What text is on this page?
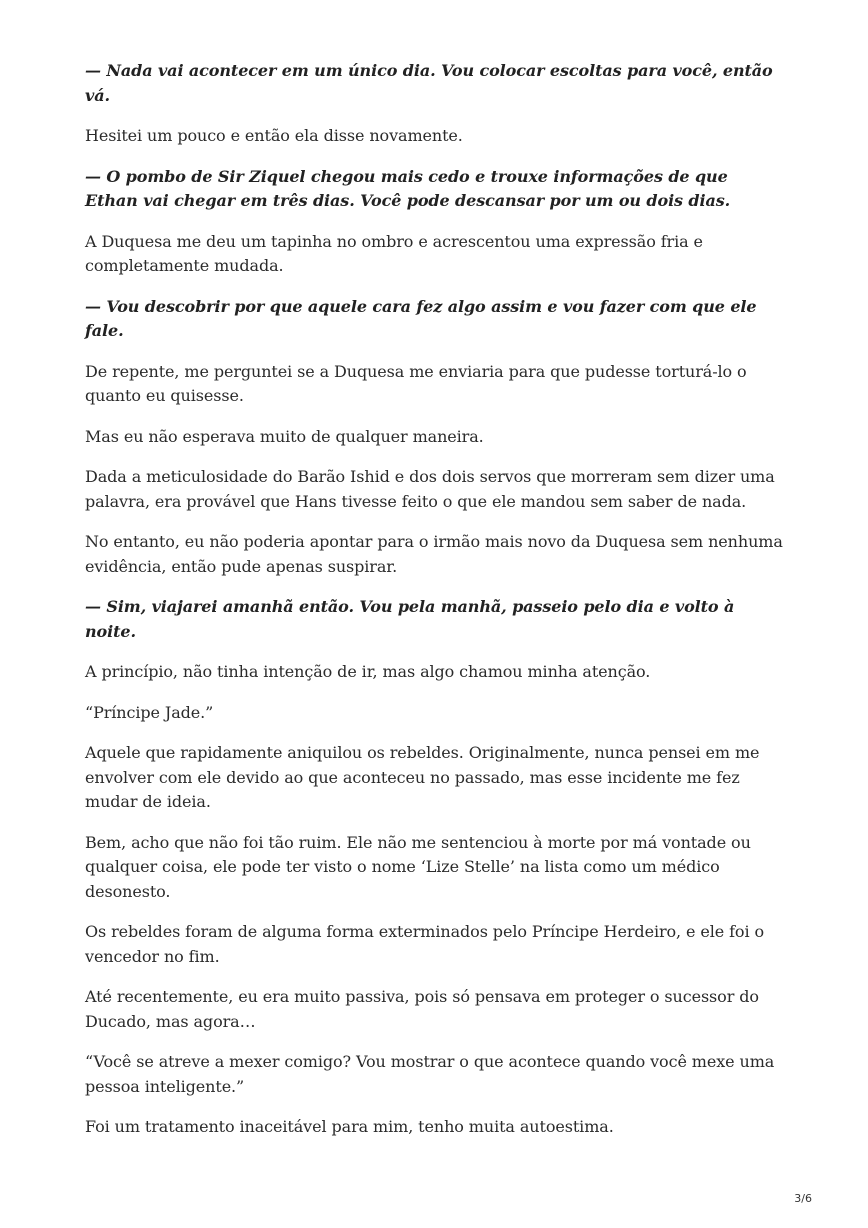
— Nada vai acontecer em um único dia. Vou colocar escoltas para você, então vá.

Hesitei um pouco e então ela disse novamente.

— O pombo de Sir Ziquel chegou mais cedo e trouxe informações de que Ethan vai chegar em três dias. Você pode descansar por um ou dois dias.

A Duquesa me deu um tapinha no ombro e acrescentou uma expressão fria e completamente mudada.

— Vou descobrir por que aquele cara fez algo assim e vou fazer com que ele fale.

De repente, me perguntei se a Duquesa me enviaria para que pudesse torturá-lo o quanto eu quisesse.

Mas eu não esperava muito de qualquer maneira.

Dada a meticulosidade do Barão Ishid e dos dois servos que morreram sem dizer uma palavra, era provável que Hans tivesse feito o que ele mandou sem saber de nada.

No entanto, eu não poderia apontar para o irmão mais novo da Duquesa sem nenhuma evidência, então pude apenas suspirar.

— Sim, viajarei amanhã então. Vou pela manhã, passeio pelo dia e volto à noite.

A princípio, não tinha intenção de ir, mas algo chamou minha atenção.

“Príncipe Jade.”

Aquele que rapidamente aniquilou os rebeldes. Originalmente, nunca pensei em me envolver com ele devido ao que aconteceu no passado, mas esse incidente me fez mudar de ideia.

Bem, acho que não foi tão ruim. Ele não me sentenciou à morte por má vontade ou qualquer coisa, ele pode ter visto o nome ‘Lize Stelle’ na lista como um médico desonesto.

Os rebeldes foram de alguma forma exterminados pelo Príncipe Herdeiro, e ele foi o vencedor no fim.

Até recentemente, eu era muito passiva, pois só pensava em proteger o sucessor do Ducado, mas agora…

“Você se atreve a mexer comigo? Vou mostrar o que acontece quando você mexe uma pessoa inteligente.”

Foi um tratamento inaceitável para mim, tenho muita autoestima.

3/6
